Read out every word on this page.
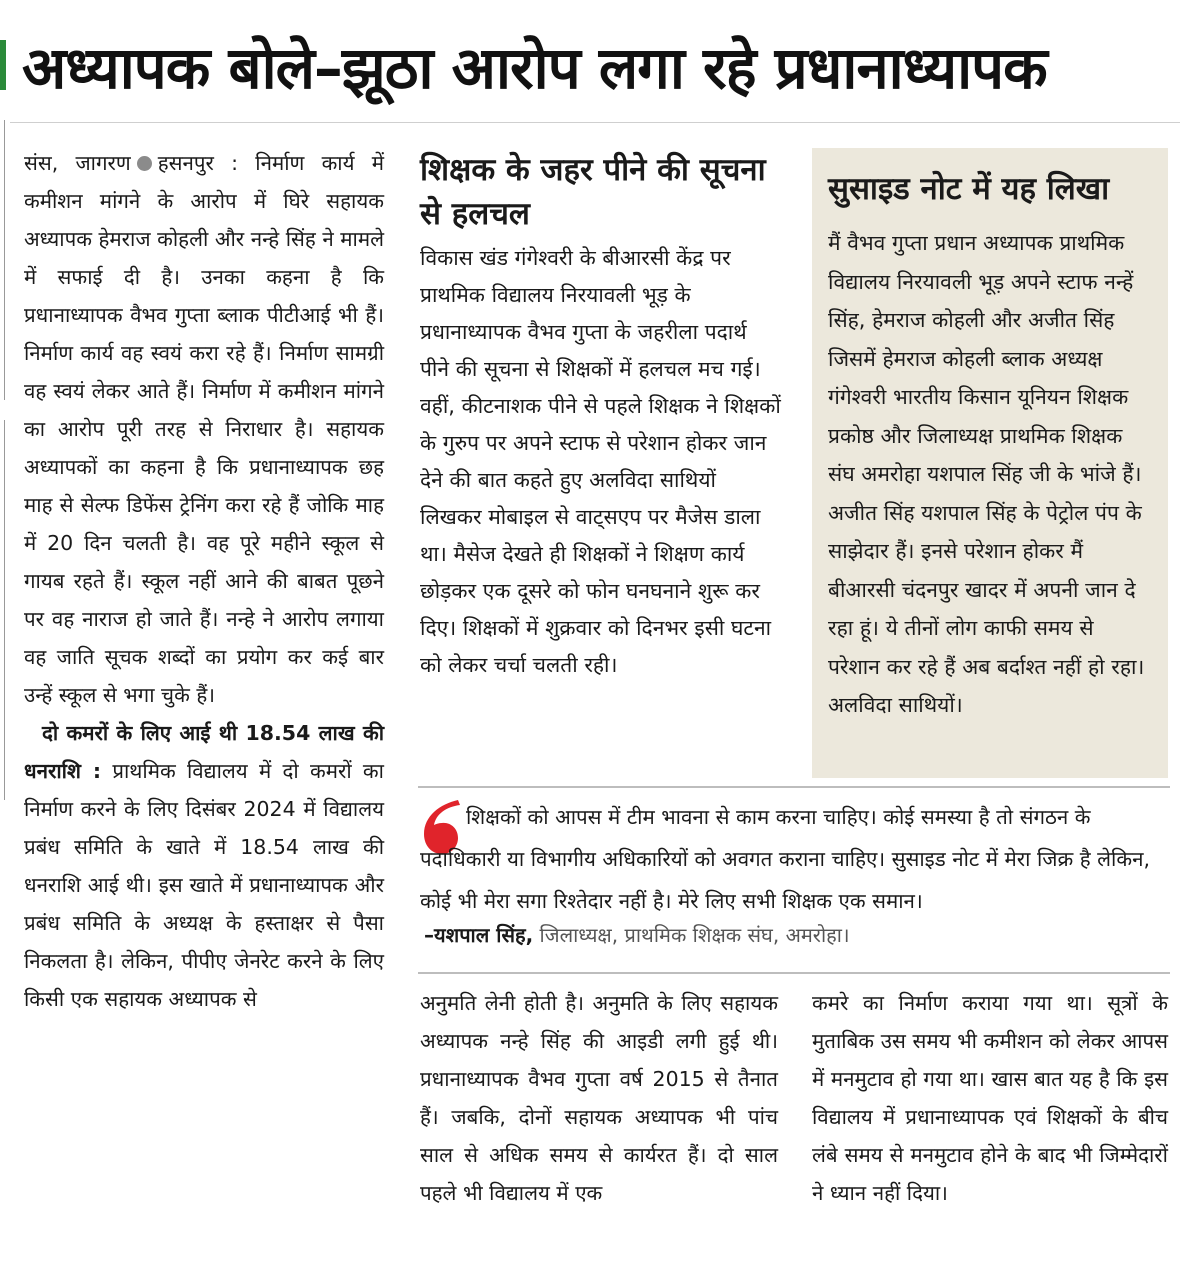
अध्यापक बोले–झूठा आरोप लगा रहे प्रधानाध्यापक

संस, जागरण हसनपुर : निर्माण कार्य में कमीशन मांगने के आरोप में घिरे सहायक अध्यापक हेमराज कोहली और नन्हे सिंह ने मामले में सफाई दी है। उनका कहना है कि प्रधानाध्यापक वैभव गुप्ता ब्लाक पीटीआई भी हैं। निर्माण कार्य वह स्वयं करा रहे हैं। निर्माण सामग्री वह स्वयं लेकर आते हैं। निर्माण में कमीशन मांगने का आरोप पूरी तरह से निराधार है। सहायक अध्यापकों का कहना है कि प्रधानाध्यापक छह माह से सेल्फ डिफेंस ट्रेनिंग करा रहे हैं जोकि माह में 20 दिन चलती है। वह पूरे महीने स्कूल से गायब रहते हैं। स्कूल नहीं आने की बाबत पूछने पर वह नाराज हो जाते हैं। नन्हे ने आरोप लगाया वह जाति सूचक शब्दों का प्रयोग कर कई बार उन्हें स्कूल से भगा चुके हैं।

दो कमरों के लिए आई थी 18.54 लाख की धनराशि : प्राथमिक विद्यालय में दो कमरों का निर्माण करने के लिए दिसंबर 2024 में विद्यालय प्रबंध समिति के खाते में 18.54 लाख की धनराशि आई थी। इस खाते में प्रधानाध्यापक और प्रबंध समिति के अध्यक्ष के हस्ताक्षर से पैसा निकलता है। लेकिन, पीपीए जेनरेट करने के लिए किसी एक सहायक अध्यापक से

शिक्षक के जहर पीने की सूचना से हलचल
विकास खंड गंगेश्वरी के बीआरसी केंद्र पर प्राथमिक विद्यालय निरयावली भूड़ के प्रधानाध्यापक वैभव गुप्ता के जहरीला पदार्थ पीने की सूचना से शिक्षकों में हलचल मच गई। वहीं, कीटनाशक पीने से पहले शिक्षक ने शिक्षकों के गुरुप पर अपने स्टाफ से परेशान होकर जान देने की बात कहते हुए अलविदा साथियों लिखकर मोबाइल से वाट्सएप पर मैजेस डाला था। मैसेज देखते ही शिक्षकों ने शिक्षण कार्य छोड़कर एक दूसरे को फोन घनघनाने शुरू कर दिए। शिक्षकों में शुक्रवार को दिनभर इसी घटना को लेकर चर्चा चलती रही।
सुसाइड नोट में यह लिखा
मैं वैभव गुप्ता प्रधान अध्यापक प्राथमिक विद्यालय निरयावली भूड़ अपने स्टाफ नन्हें सिंह, हेमराज कोहली और अजीत सिंह जिसमें हेमराज कोहली ब्लाक अध्यक्ष गंगेश्वरी भारतीय किसान यूनियन शिक्षक प्रकोष्ठ और जिलाध्यक्ष प्राथमिक शिक्षक संघ अमरोहा यशपाल सिंह जी के भांजे हैं। अजीत सिंह यशपाल सिंह के पेट्रोल पंप के साझेदार हैं। इनसे परेशान होकर मैं बीआरसी चंदनपुर खादर में अपनी जान दे रहा हूं। ये तीनों लोग काफी समय से परेशान कर रहे हैं अब बर्दाश्त नहीं हो रहा। अलविदा साथियों।
शिक्षकों को आपस में टीम भावना से काम करना चाहिए। कोई समस्या है तो संगठन के पदाधिकारी या विभागीय अधिकारियों को अवगत कराना चाहिए। सुसाइड नोट में मेरा जिक्र है लेकिन, कोई भी मेरा सगा रिश्तेदार नहीं है। मेरे लिए सभी शिक्षक एक समान।
–यशपाल सिंह, जिलाध्यक्ष, प्राथमिक शिक्षक संघ, अमरोहा।

अनुमति लेनी होती है। अनुमति के लिए सहायक अध्यापक नन्हे सिंह की आइडी लगी हुई थी। प्रधानाध्यापक वैभव गुप्ता वर्ष 2015 से तैनात हैं। जबकि, दोनों सहायक अध्यापक भी पांच साल से अधिक समय से कार्यरत हैं। दो साल पहले भी विद्यालय में एक

कमरे का निर्माण कराया गया था। सूत्रों के मुताबिक उस समय भी कमीशन को लेकर आपस में मनमुटाव हो गया था। खास बात यह है कि इस विद्यालय में प्रधानाध्यापक एवं शिक्षकों के बीच लंबे समय से मनमुटाव होने के बाद भी जिम्मेदारों ने ध्यान नहीं दिया।
